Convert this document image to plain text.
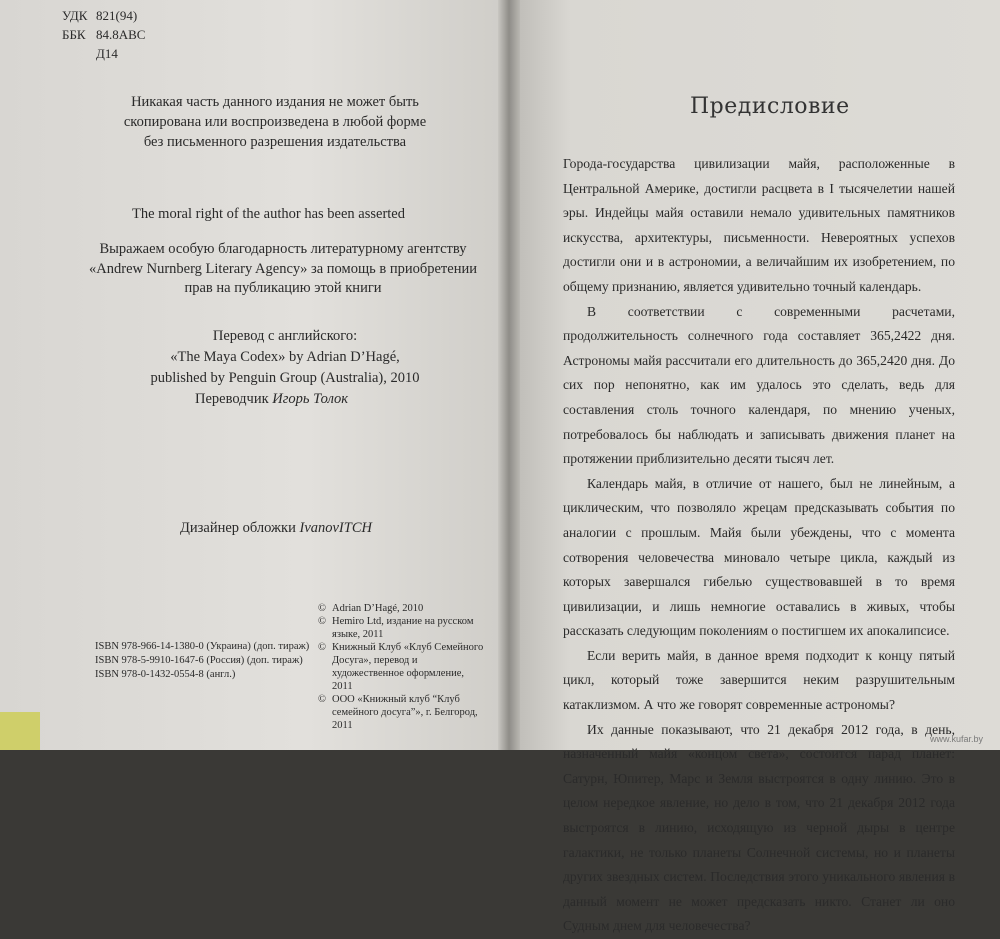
УДК 821(94)
ББК 84.8ABC
Д14
Никакая часть данного издания не может быть скопирована или воспроизведена в любой форме без письменного разрешения издательства
The moral right of the author has been asserted
Выражаем особую благодарность литературному агентству «Andrew Nurnberg Literary Agency» за помощь в приобретении прав на публикацию этой книги
Перевод с английского:
«The Maya Codex» by Adrian D’Hagé,
published by Penguin Group (Australia), 2010
Переводчик Игорь Толок
Дизайнер обложки IvanovITCH
ISBN 978-966-14-1380-0 (Украина) (доп. тираж)
ISBN 978-5-9910-1647-6 (Россия) (доп. тираж)
ISBN 978-0-1432-0554-8 (англ.)
© Adrian D’Hagé, 2010
© Hemiro Ltd, издание на русском языке, 2011
© Книжный Клуб «Клуб Семейного Досуга», перевод и художественное оформление, 2011
© ООО «Книжный клуб “Клуб семейного досуга”», г. Белгород, 2011
Предисловие

Города-государства цивилизации майя, расположенные в Центральной Америке, достигли расцвета в I тысячелетии нашей эры. Индейцы майя оставили немало удивительных памятников искусства, архитектуры, письменности. Невероятных успехов достигли они и в астрономии, а величайшим их изобретением, по общему признанию, является удивительно точный календарь.

В соответствии с современными расчетами, продолжительность солнечного года составляет 365,2422 дня. Астрономы майя рассчитали его длительность до 365,2420 дня. До сих пор непонятно, как им удалось это сделать, ведь для составления столь точного календаря, по мнению ученых, потребовалось бы наблюдать и записывать движения планет на протяжении приблизительно десяти тысяч лет.

Календарь майя, в отличие от нашего, был не линейным, а циклическим, что позволяло жрецам предсказывать события по аналогии с прошлым. Майя были убеждены, что с момента сотворения человечества миновало четыре цикла, каждый из которых завершался гибелью существовавшей в то время цивилизации, и лишь немногие оставались в живых, чтобы рассказать следующим поколениям о постигшем их апокалипсисе.

Если верить майя, в данное время подходит к концу пятый цикл, который тоже завершится неким разрушительным катаклизмом. А что же говорят современные астрономы?

Их данные показывают, что 21 декабря 2012 года, в день, назначенный майя «концом света», состоится парад планет: Сатурн, Юпитер, Марс и Земля выстроятся в одну линию. Это в целом нередкое явление, но дело в том, что 21 декабря 2012 года выстроятся в линию, исходящую из черной дыры в центре галактики, не только планеты Солнечной системы, но и планеты других звездных систем. Последствия этого уникального явления в данный момент не может предсказать никто. Станет ли оно Судным днем для человечества?

www.kufar.by
